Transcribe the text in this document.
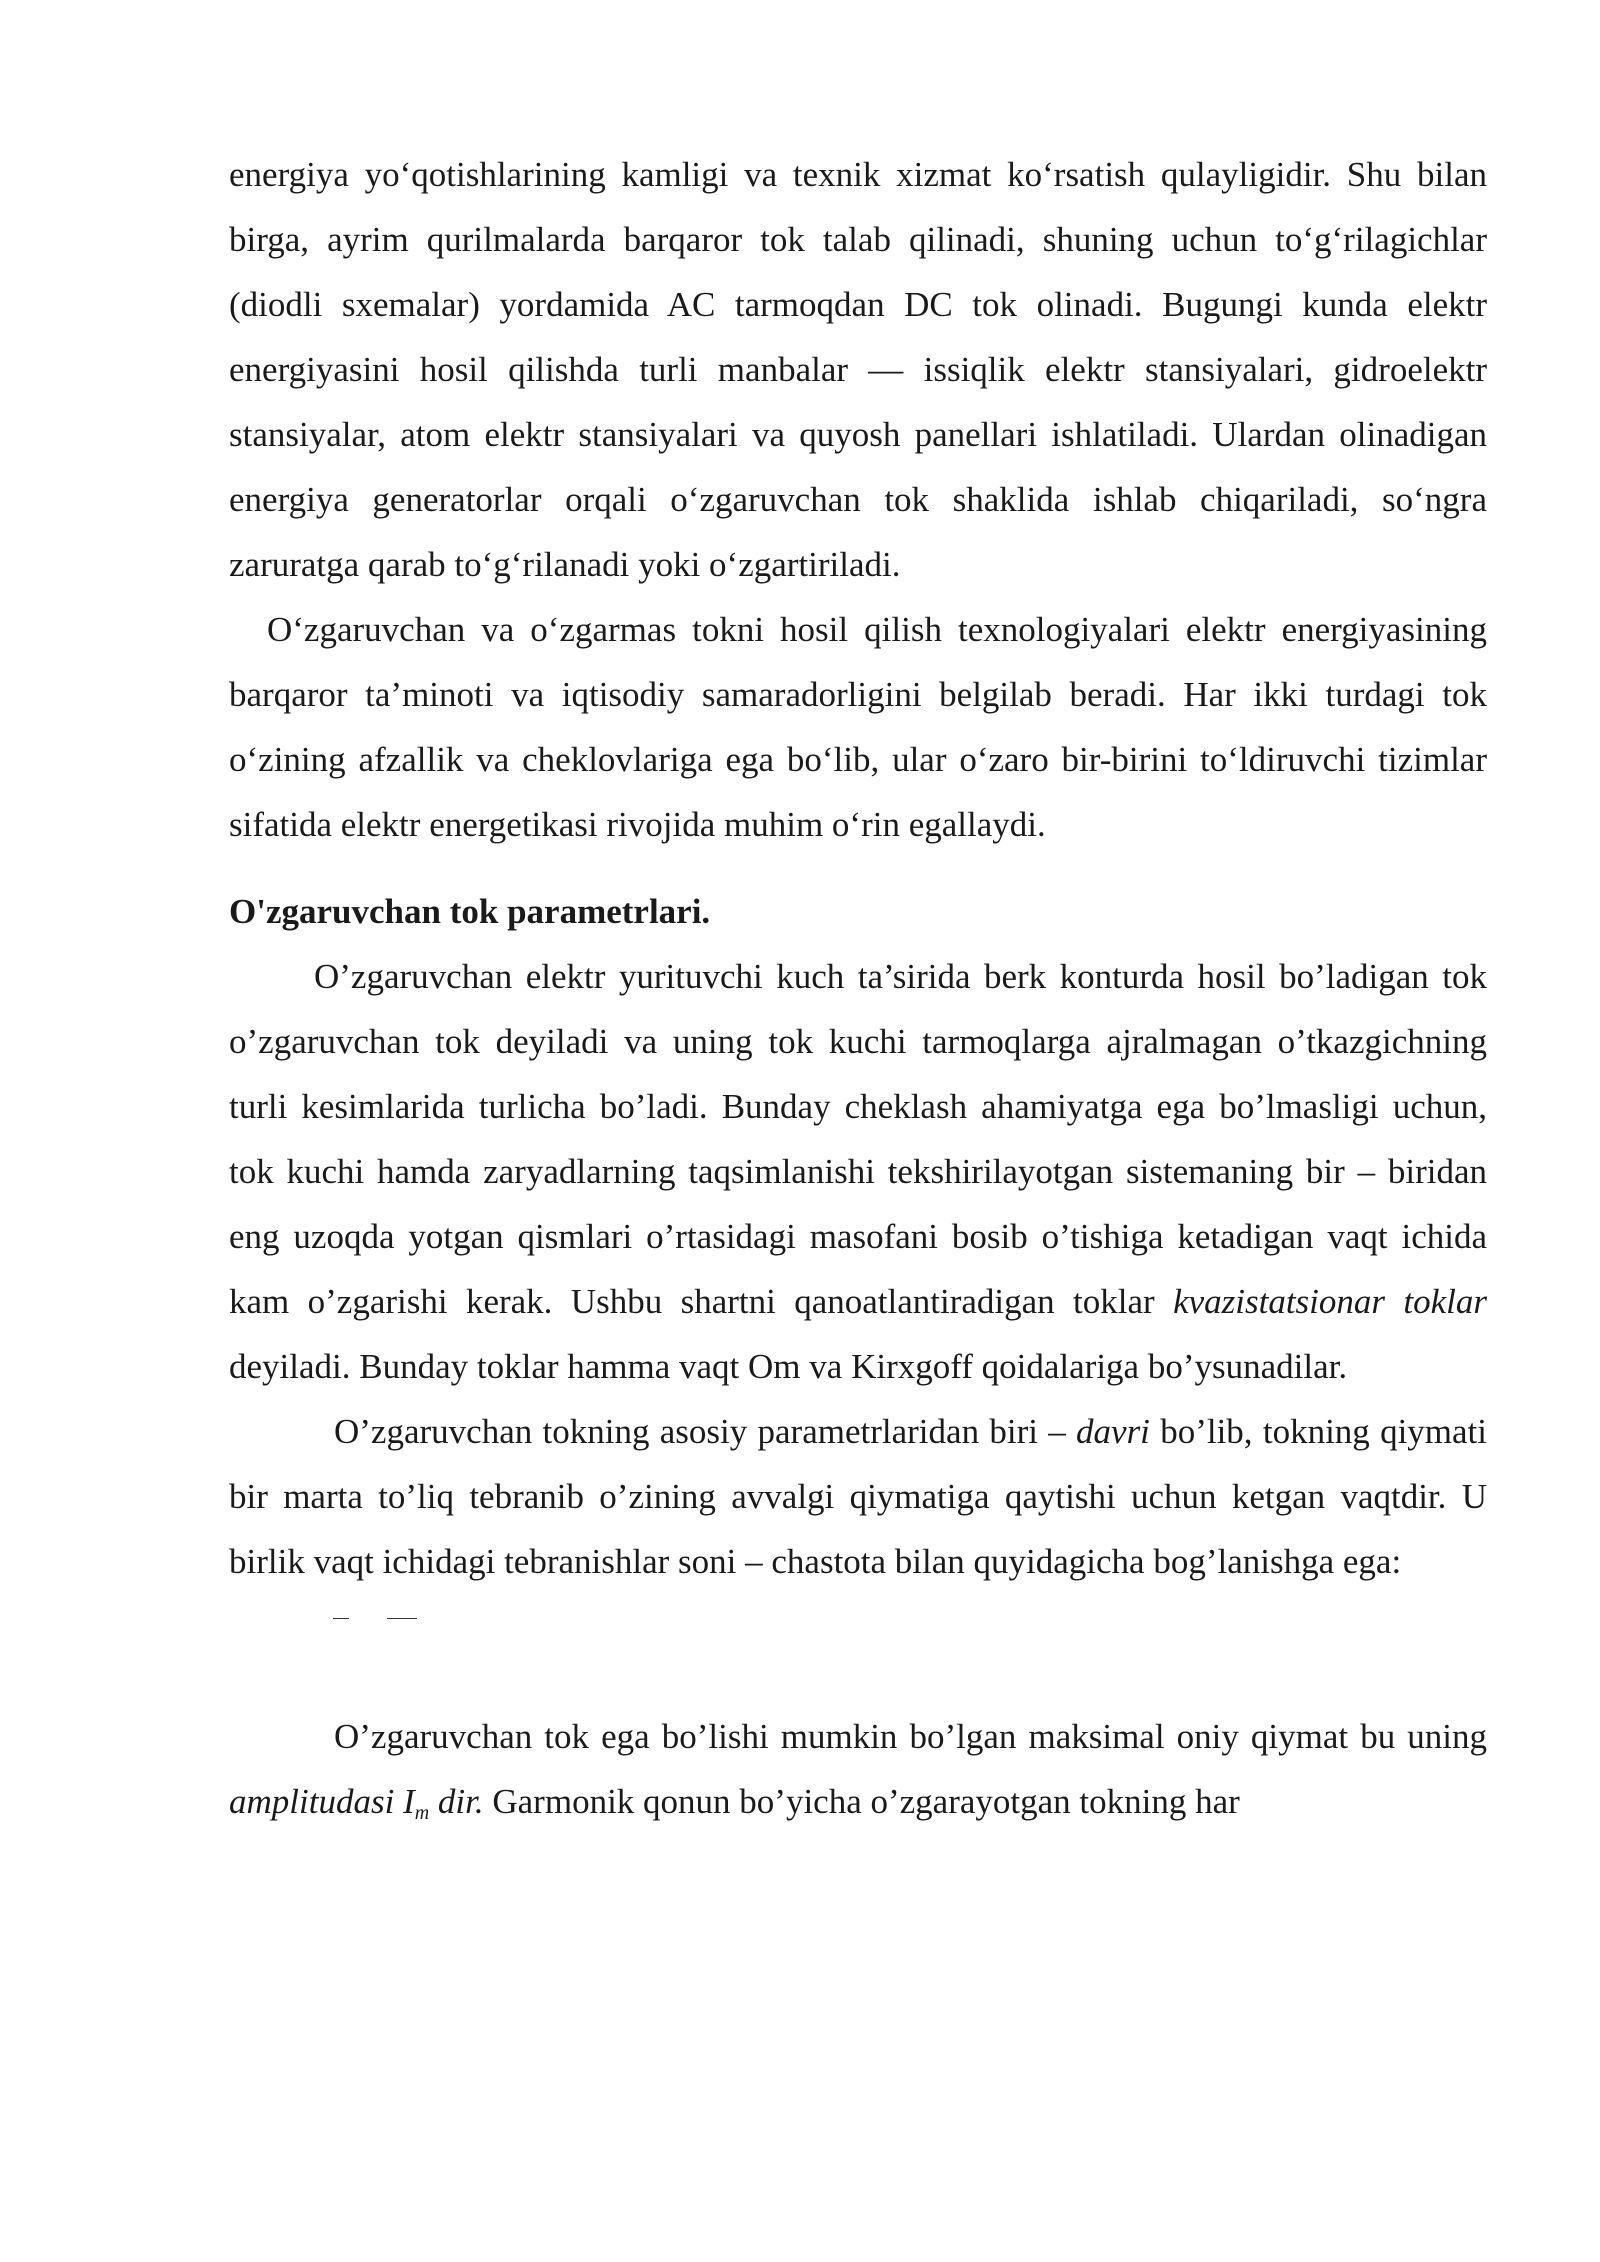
energiya yo‘qotishlarining kamligi va texnik xizmat ko‘rsatish qulayligidir. Shu bilan birga, ayrim qurilmalarda barqaror tok talab qilinadi, shuning uchun to‘g‘rilagichlar (diodli sxemalar) yordamida AC tarmoqdan DC tok olinadi. Bugungi kunda elektr energiyasini hosil qilishda turli manbalar — issiqlik elektr stansiyalari, gidroelektr stansiyalar, atom elektr stansiyalari va quyosh panellari ishlatiladi. Ulardan olinadigan energiya generatorlar orqali o‘zgaruvchan tok shaklida ishlab chiqariladi, so‘ngra zaruratga qarab to‘g‘rilanadi yoki o‘zgartiriladi.

O‘zgaruvchan va o‘zgarmas tokni hosil qilish texnologiyalari elektr energiyasining barqaror ta’minoti va iqtisodiy samaradorligini belgilab beradi. Har ikki turdagi tok o‘zining afzallik va cheklovlariga ega bo‘lib, ular o‘zaro bir-birini to‘ldiruvchi tizimlar sifatida elektr energetikasi rivojida muhim o‘rin egallaydi.

O'zgaruvchan tok parametrlari.

O’zgaruvchan elektr yurituvchi kuch ta’sirida berk konturda hosil bo’ladigan tok o’zgaruvchan tok deyiladi va uning tok kuchi tarmoqlarga ajralmagan o’tkazgichning turli kesimlarida turlicha bo’ladi. Bunday cheklash ahamiyatga ega bo’lmasligi uchun, tok kuchi hamda zaryadlarning taqsimlanishi tekshirilayotgan sistemaning bir – biridan eng uzoqda yotgan qismlari o’rtasidagi masofani bosib o’tishiga ketadigan vaqt ichida kam o’zgarishi kerak. Ushbu shartni qanoatlantiradigan toklar kvazistatsionar toklar deyiladi. Bunday toklar hamma vaqt Om va Kirxgoff qoidalariga bo’ysunadilar.

O’zgaruvchan tokning asosiy parametrlaridan biri – davri bo’lib, tokning qiymati bir marta to’liq tebranib o’zining avvalgi qiymatiga qaytishi uchun ketgan vaqtdir. U birlik vaqt ichidagi tebranishlar soni – chastota bilan quyidagicha bog’lanishga ega:

O’zgaruvchan tok ega bo’lishi mumkin bo’lgan maksimal oniy qiymat bu uning amplitudasi $I_m$ dir. Garmonik qonun bo’yicha o’zgarayotgan tokning har
